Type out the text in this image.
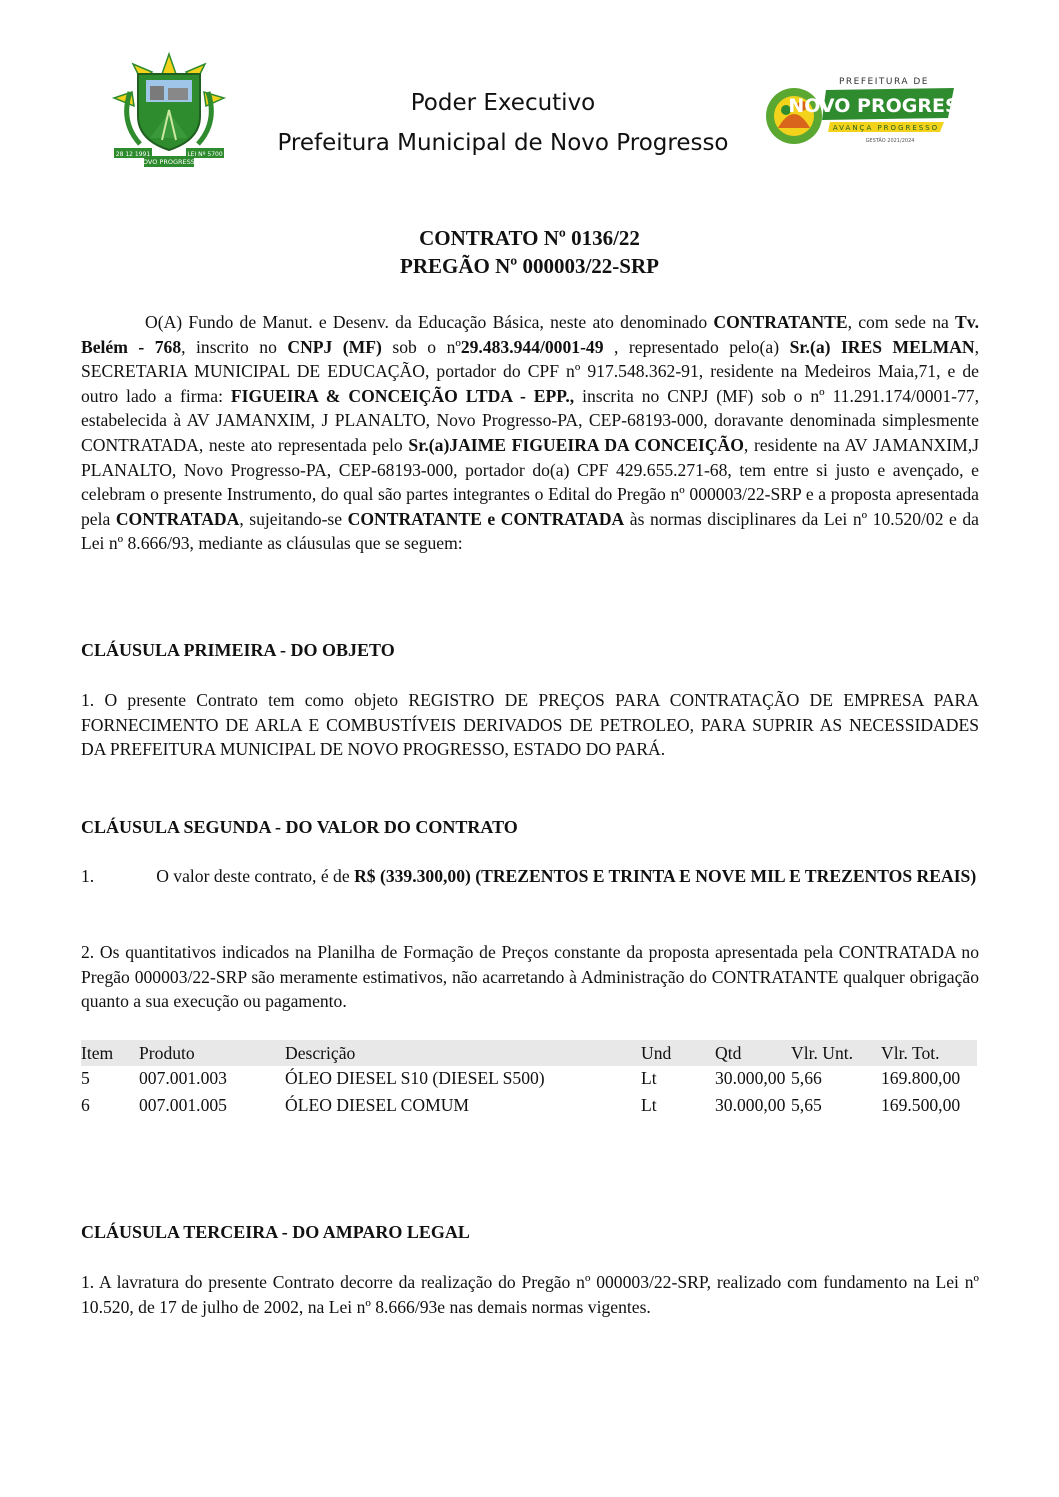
28 12 1991	LEI Nº 5700
NOVO PROGRESSO
Poder Executivo
Prefeitura Municipal de Novo Progresso
PREFEITURA DE
NOVO PROGRESSO
AVANÇA PROGRESSO
GESTÃO 2021/2024
CONTRATO Nº 0136/22
PREGÃO Nº 000003/22-SRP
O(A) Fundo de Manut. e Desenv. da Educação Básica, neste ato denominado CONTRATANTE, com sede na Tv. Belém - 768, inscrito no CNPJ (MF) sob o nº29.483.944/0001-49 , representado pelo(a) Sr.(a) IRES MELMAN, SECRETARIA MUNICIPAL DE EDUCAÇÃO, portador do CPF nº 917.548.362-91, residente na Medeiros Maia,71, e de outro lado a firma: FIGUEIRA & CONCEIÇÃO LTDA - EPP., inscrita no CNPJ (MF) sob o nº 11.291.174/0001-77, estabelecida à AV JAMANXIM, J PLANALTO, Novo Progresso-PA, CEP-68193-000, doravante denominada simplesmente CONTRATADA, neste ato representada pelo Sr.(a)JAIME FIGUEIRA DA CONCEIÇÃO, residente na AV JAMANXIM,J PLANALTO, Novo Progresso-PA, CEP-68193-000, portador do(a) CPF 429.655.271-68, tem entre si justo e avençado, e celebram o presente Instrumento, do qual são partes integrantes o Edital do Pregão nº 000003/22-SRP e a proposta apresentada pela CONTRATADA, sujeitando-se CONTRATANTE e CONTRATADA às normas disciplinares da Lei nº 10.520/02 e da Lei nº 8.666/93, mediante as cláusulas que se seguem:
CLÁUSULA PRIMEIRA - DO OBJETO
1. O presente Contrato tem como objeto REGISTRO DE PREÇOS PARA CONTRATAÇÃO DE EMPRESA PARA FORNECIMENTO DE ARLA E COMBUSTÍVEIS DERIVADOS DE PETROLEO, PARA SUPRIR AS NECESSIDADES DA PREFEITURA MUNICIPAL DE NOVO PROGRESSO, ESTADO DO PARÁ.
CLÁUSULA SEGUNDA - DO VALOR DO CONTRATO
1.	O valor deste contrato, é de R$ (339.300,00) (TREZENTOS E TRINTA E NOVE MIL E TREZENTOS REAIS)
2. Os quantitativos indicados na Planilha de Formação de Preços constante da proposta apresentada pela CONTRATADA no Pregão 000003/22-SRP são meramente estimativos, não acarretando à Administração do CONTRATANTE qualquer obrigação quanto a sua execução ou pagamento.
Item	Produto	Descrição	Und	Qtd	Vlr. Unt.	Vlr. Tot.
5	007.001.003	ÓLEO DIESEL S10 (DIESEL S500)	Lt	30.000,00	5,66	169.800,00
6	007.001.005	ÓLEO DIESEL COMUM	Lt	30.000,00	5,65	169.500,00
CLÁUSULA TERCEIRA - DO AMPARO LEGAL
1. A lavratura do presente Contrato decorre da realização do Pregão nº 000003/22-SRP, realizado com fundamento na Lei nº 10.520, de 17 de julho de 2002, na Lei nº 8.666/93e nas demais normas vigentes.
